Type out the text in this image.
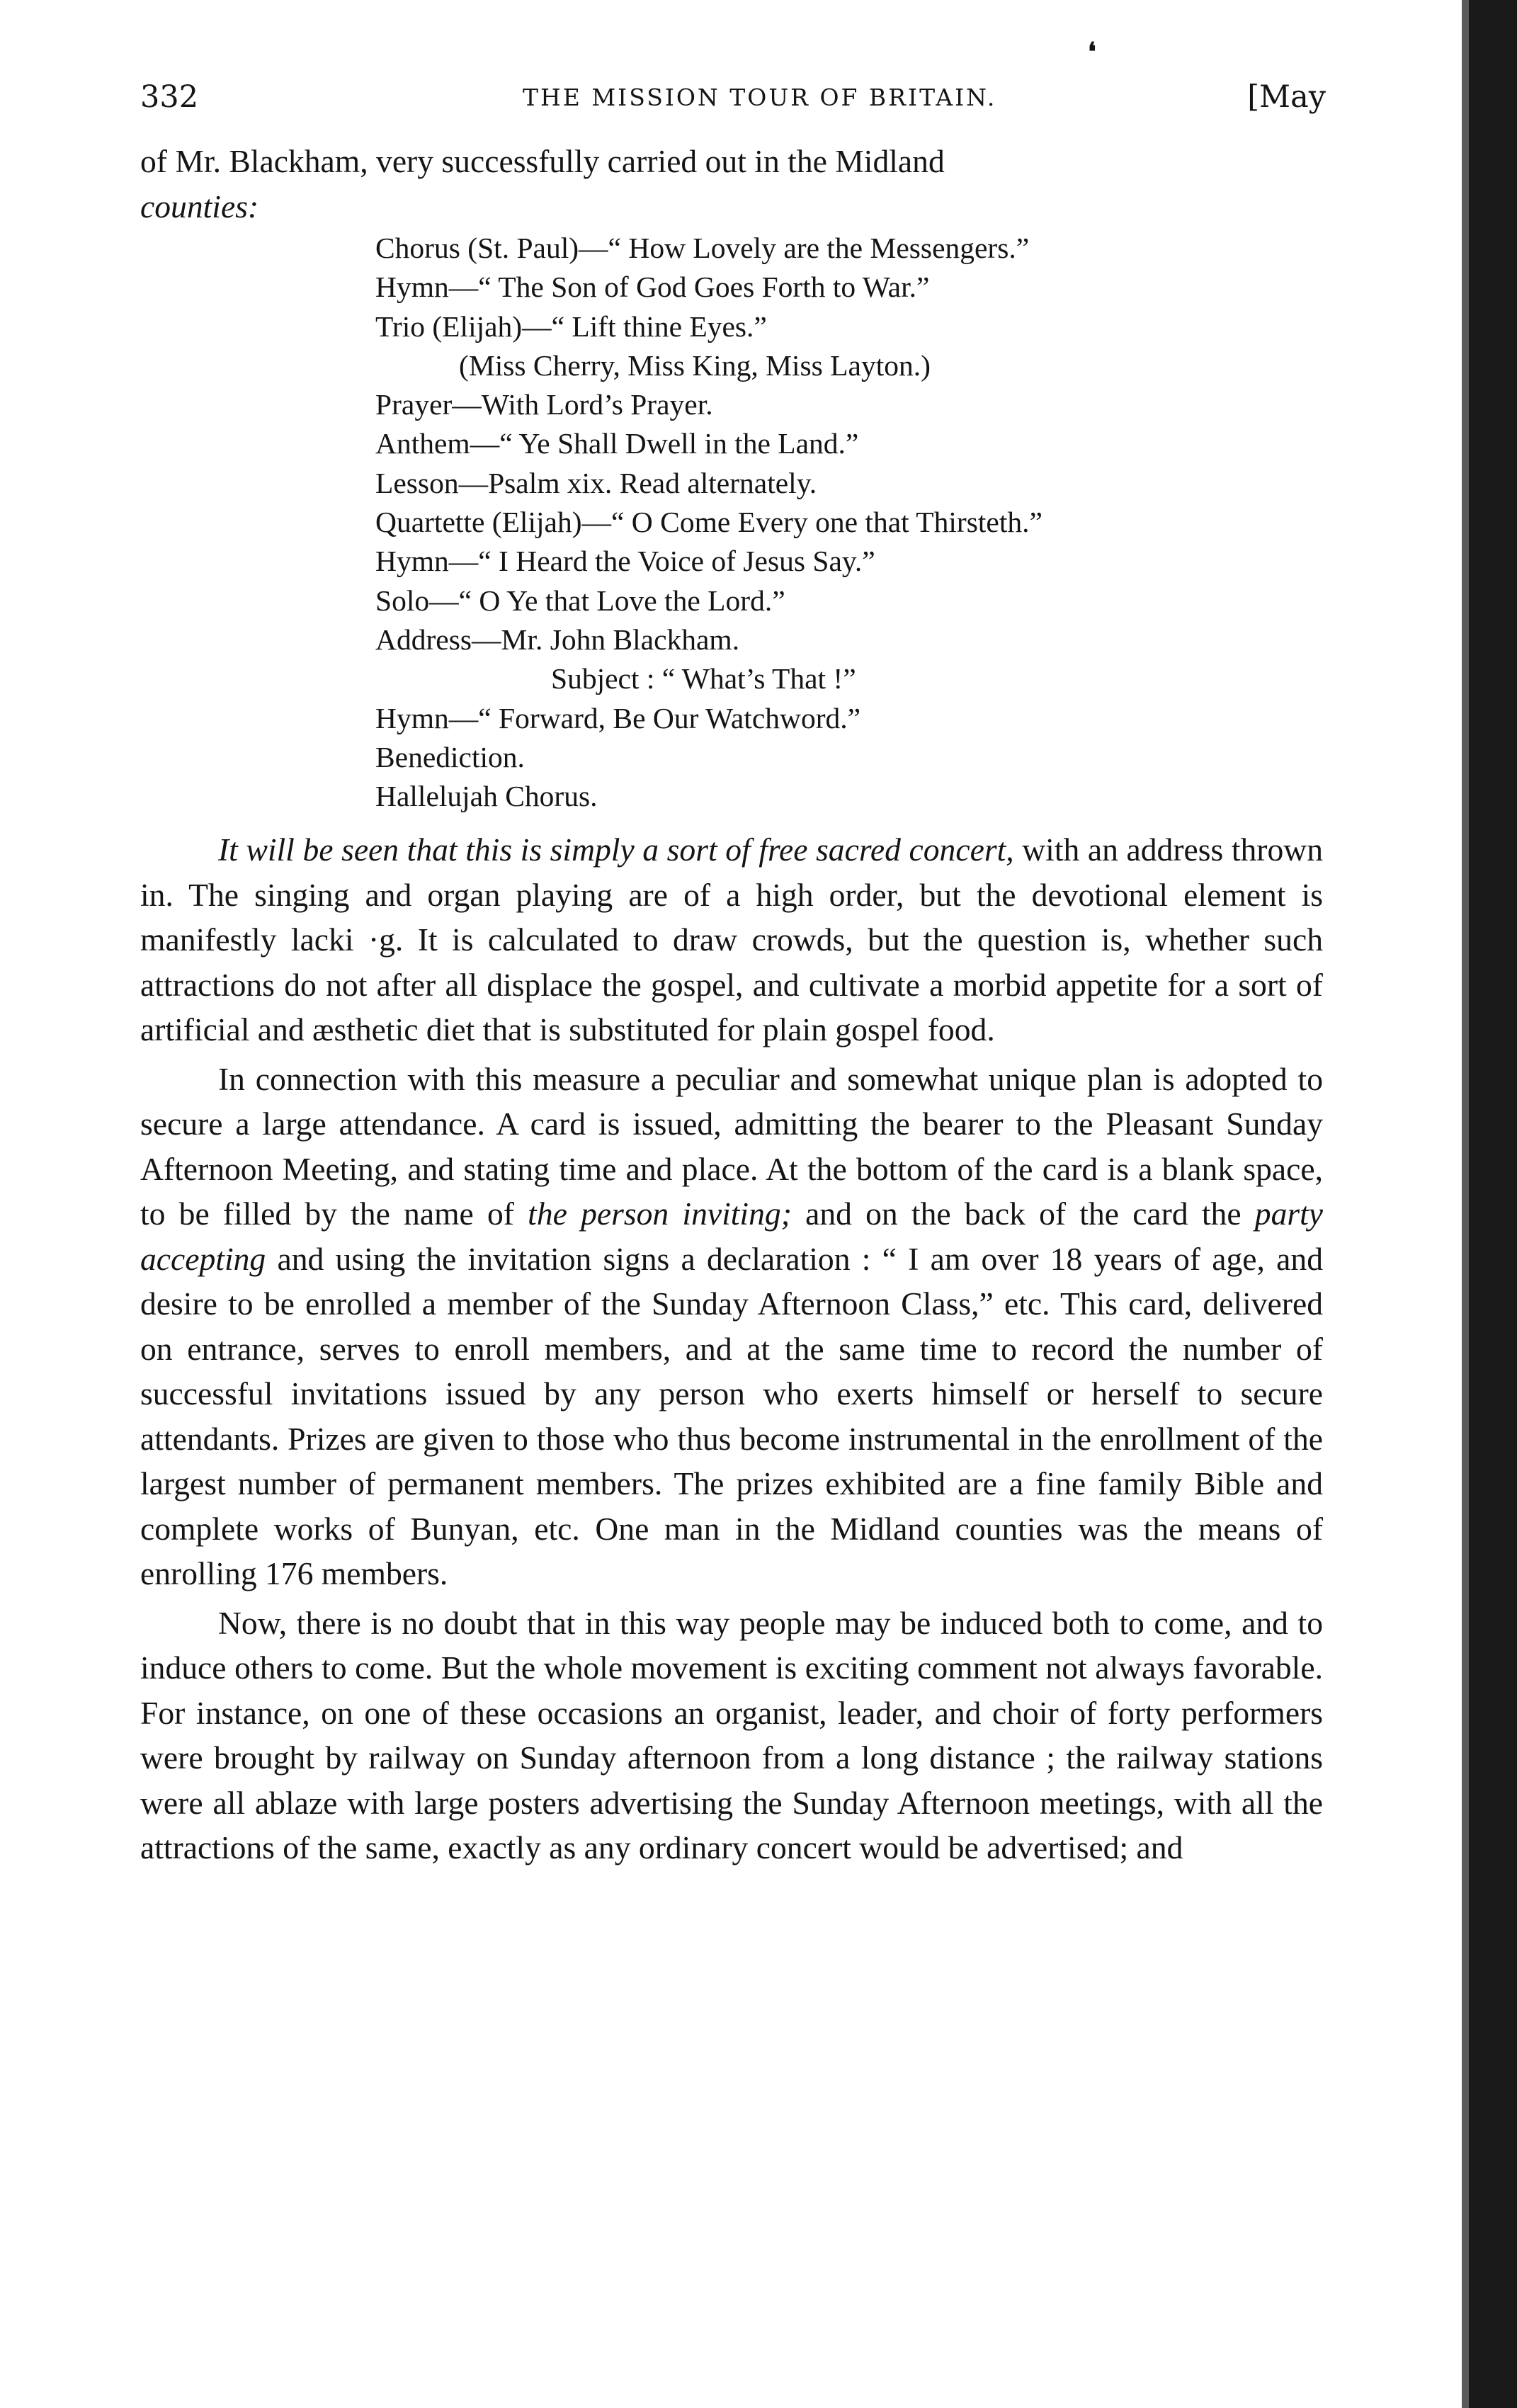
❛
332	THE MISSION TOUR OF BRITAIN.	[May

of Mr. Blackham, very successfully carried out in the Midland
counties:

Chorus (St. Paul)—“ How Lovely are the Messengers.”
Hymn—“ The Son of God Goes Forth to War.”
Trio (Elijah)—“ Lift thine Eyes.”
(Miss Cherry, Miss King, Miss Layton.)
Prayer—With Lord’s Prayer.
Anthem—“ Ye Shall Dwell in the Land.”
Lesson—Psalm xix. Read alternately.
Quartette (Elijah)—“ O Come Every one that Thirsteth.”
Hymn—“ I Heard the Voice of Jesus Say.”
Solo—“ O Ye that Love the Lord.”
Address—Mr. John Blackham.
Subject : “ What’s That !”
Hymn—“ Forward, Be Our Watchword.”
Benediction.
Hallelujah Chorus.

It will be seen that this is simply a sort of free sacred concert, with an address thrown in. The singing and organ playing are of a high order, but the devotional element is manifestly lacki ·g. It is calculated to draw crowds, but the question is, whether such attractions do not after all displace the gospel, and cultivate a morbid appetite for a sort of artificial and æsthetic diet that is substituted for plain gospel food.

In connection with this measure a peculiar and somewhat unique plan is adopted to secure a large attendance. A card is issued, admitting the bearer to the Pleasant Sunday Afternoon Meeting, and stating time and place. At the bottom of the card is a blank space, to be filled by the name of the person inviting; and on the back of the card the party accepting and using the invitation signs a declaration : “ I am over 18 years of age, and desire to be enrolled a member of the Sunday Afternoon Class,” etc. This card, delivered on entrance, serves to enroll members, and at the same time to record the number of successful invitations issued by any person who exerts himself or herself to secure attendants. Prizes are given to those who thus become instrumental in the enrollment of the largest number of permanent members. The prizes exhibited are a fine family Bible and complete works of Bunyan, etc. One man in the Midland counties was the means of enrolling 176 members.

Now, there is no doubt that in this way people may be induced both to come, and to induce others to come. But the whole movement is exciting comment not always favorable. For instance, on one of these occasions an organist, leader, and choir of forty performers were brought by railway on Sunday afternoon from a long distance ; the railway stations were all ablaze with large posters advertising the Sunday Afternoon meetings, with all the attractions of the same, exactly as any ordinary concert would be advertised; and
